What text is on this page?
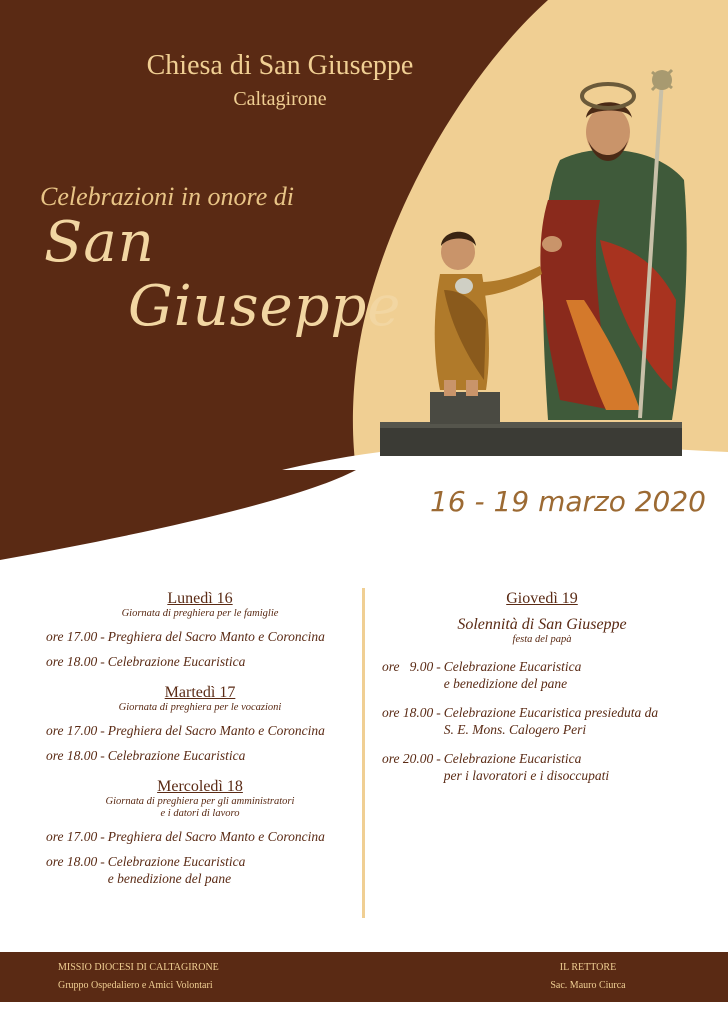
Chiesa di San Giuseppe
Caltagirone
Celebrazioni in onore di
San
Giuseppe
16 - 19 marzo 2020
Lunedì 16
Giornata di preghiera per le famiglie
ore 17.00 - Preghiera del Sacro Manto e Coroncina
ore 18.00 - Celebrazione Eucaristica
Martedì 17
Giornata di preghiera per le vocazioni
ore 17.00 - Preghiera del Sacro Manto e Coroncina
ore 18.00 - Celebrazione Eucaristica
Mercoledì 18
Giornata di preghiera per gli amministratori
e i datori di lavoro
ore 17.00 - Preghiera del Sacro Manto e Coroncina
ore 18.00 - Celebrazione Eucaristica
e benedizione del pane
Giovedì 19
Solennità di San Giuseppe
festa del papà
ore   9.00 - Celebrazione Eucaristica
e benedizione del pane
ore 18.00 - Celebrazione Eucaristica presieduta da
S. E. Mons. Calogero Peri
ore 20.00 - Celebrazione Eucaristica
per i lavoratori e i disoccupati
MISSIO DIOCESI DI CALTAGIRONE
Gruppo Ospedaliero e Amici Volontari
IL RETTORE
Sac. Mauro Ciurca
